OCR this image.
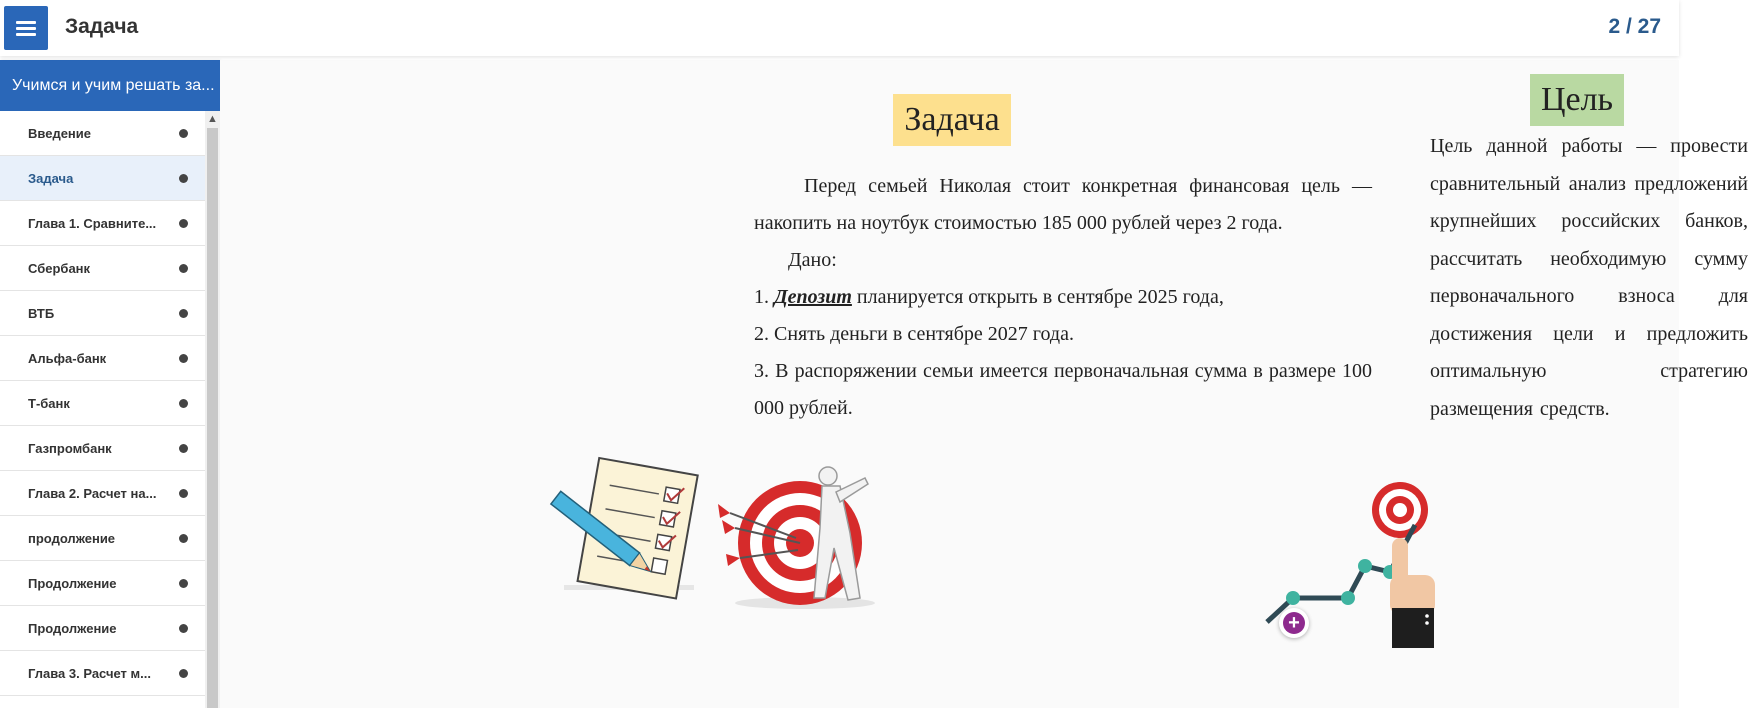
Задача	2 / 27
Учимся и учим решать за...
Введение
Задача
Глава 1. Сравните...
Сбербанк
ВТБ
Альфа-банк
Т-банк
Газпромбанк
Глава 2. Расчет на...
продолжение
Продолжение
Продолжение
Глава 3. Расчет м...
▲	Задача
Цель

Перед семьей Николая стоит конкретная финансовая цель — накопить на ноутбук стоимостью 185 000 рублей через 2 года.

Дано:

1. Депозит планируется открыть в сентябре 2025 года,

2. Снять деньги в сентябре 2027 года.

3. В распоряжении семьи имеется первоначальная сумма в размере 100 000 рублей.

Цель данной работы — провести сравнительный анализ предложений крупнейших российских банков, рассчитать необходимую сумму первоначального взноса для достижения цели и предложить оптимальную стратегию размещения средств.
+
